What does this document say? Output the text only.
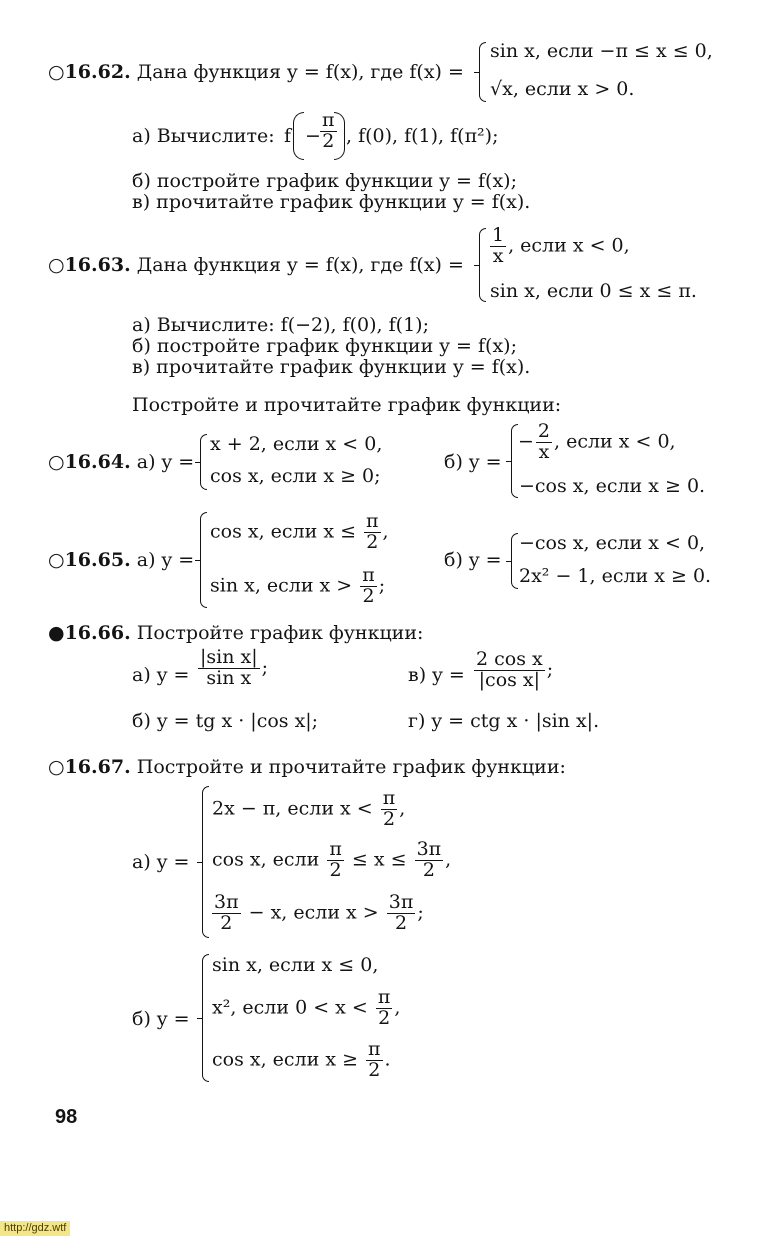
○16.62. Дана функция y = f(x), где f(x) =
sin x, если −π ≤ x ≤ 0,
√x, если x > 0.
а) Вычислите: $f - \frac{\pi}{2}$ , f(0), f(1), f(π²);
б) постройте график функции y = f(x);
в) прочитайте график функции y = f(x).
○16.63. Дана функция y = f(x), где $f(x) = \frac{1}{x}$ , если x < 0,
sin x, если 0 ≤ x ≤ π.
а) Вычислите: f(−2), f(0), f(1);
б) постройте график функции y = f(x);
в) прочитайте график функции y = f(x).
Постройте и прочитайте график функции:
○16.64. а) y =
x + 2, если x < 0,
cos x, если x ≥ 0;
б) y =
− $\frac{2}{x}$ , если x < 0,
−cos x, если x ≥ 0.
○16.65. а) y =
cos x, если $x \le \frac{\pi}{2}$ ,
sin x, если $x > \frac{\pi}{2}$ ;
б) y =
−cos x, если x < 0,
2x² − 1, если x ≥ 0.
●16.66. Постройте график функции:
а) $y = \frac{\text{|sin x|}}{\text{sin x}}$ ;	в) $y = \frac{\text{2 cos x}}{\text{|cos x|}}$ ;
б) y = tg x · |cos x|;	г) y = ctg x · |sin x|.
○16.67. Постройте и прочитайте график функции:
а) y =
2x − π, если $x < \frac{\pi}{2}$ ,
cos x, если $\frac{\pi}{2} \le x \le \frac{3\pi}{2}$ ,
$\frac{3\pi}{2} - x$, если $x > \frac{3\pi}{2}$ ;
б) y =
sin x, если x ≤ 0,
x², если $0 < x < \frac{\pi}{2}$ ,
cos x, если $x \ge \frac{\pi}{2}$ .
98
http://gdz.wtf
